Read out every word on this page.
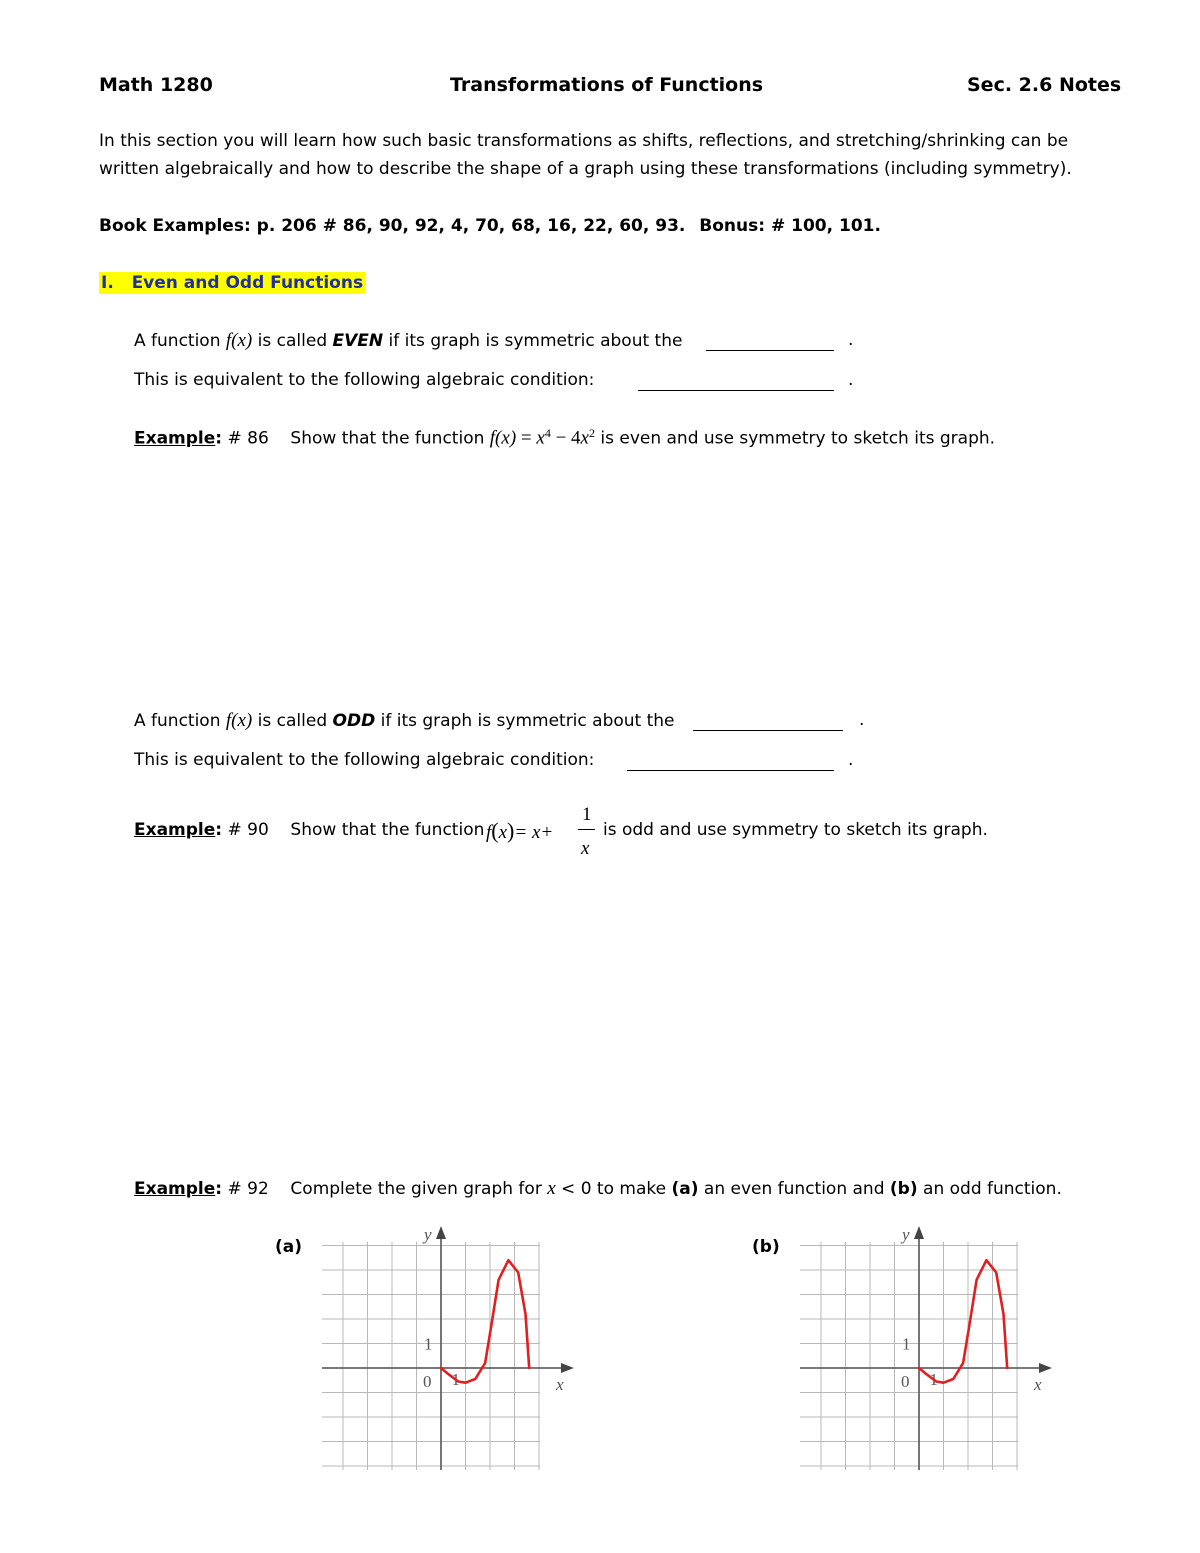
Math 1280	Transformations of Functions	Sec. 2.6 Notes
In this section you will learn how such basic transformations as shifts, reflections, and stretching/shrinking can be
written algebraically and how to describe the shape of a graph using these transformations (including symmetry).
Book Examples: p. 206 # 86, 90, 92, 4, 70, 68, 16, 22, 60, 93. Bonus: # 100, 101.
I. Even and Odd Functions
A function f(x) is called EVEN if its graph is symmetric about the	.
This is equivalent to the following algebraic condition:	.
Example: # 86 Show that the function $f(x) = x^4 - 4x^2$ is even and use symmetry to sketch its graph.
A function f(x) is called ODD if its graph is symmetric about the	.
This is equivalent to the following algebraic condition:	.
Example: # 90 Show that the function f(x)= x+
1
x
is odd and use symmetry to sketch its graph.
Example: # 92 Complete the given graph for x < 0 to make (a) an even function and (b) an odd function.
(a)	(b)
y
x
1
0 1
y
x
1
0 1
